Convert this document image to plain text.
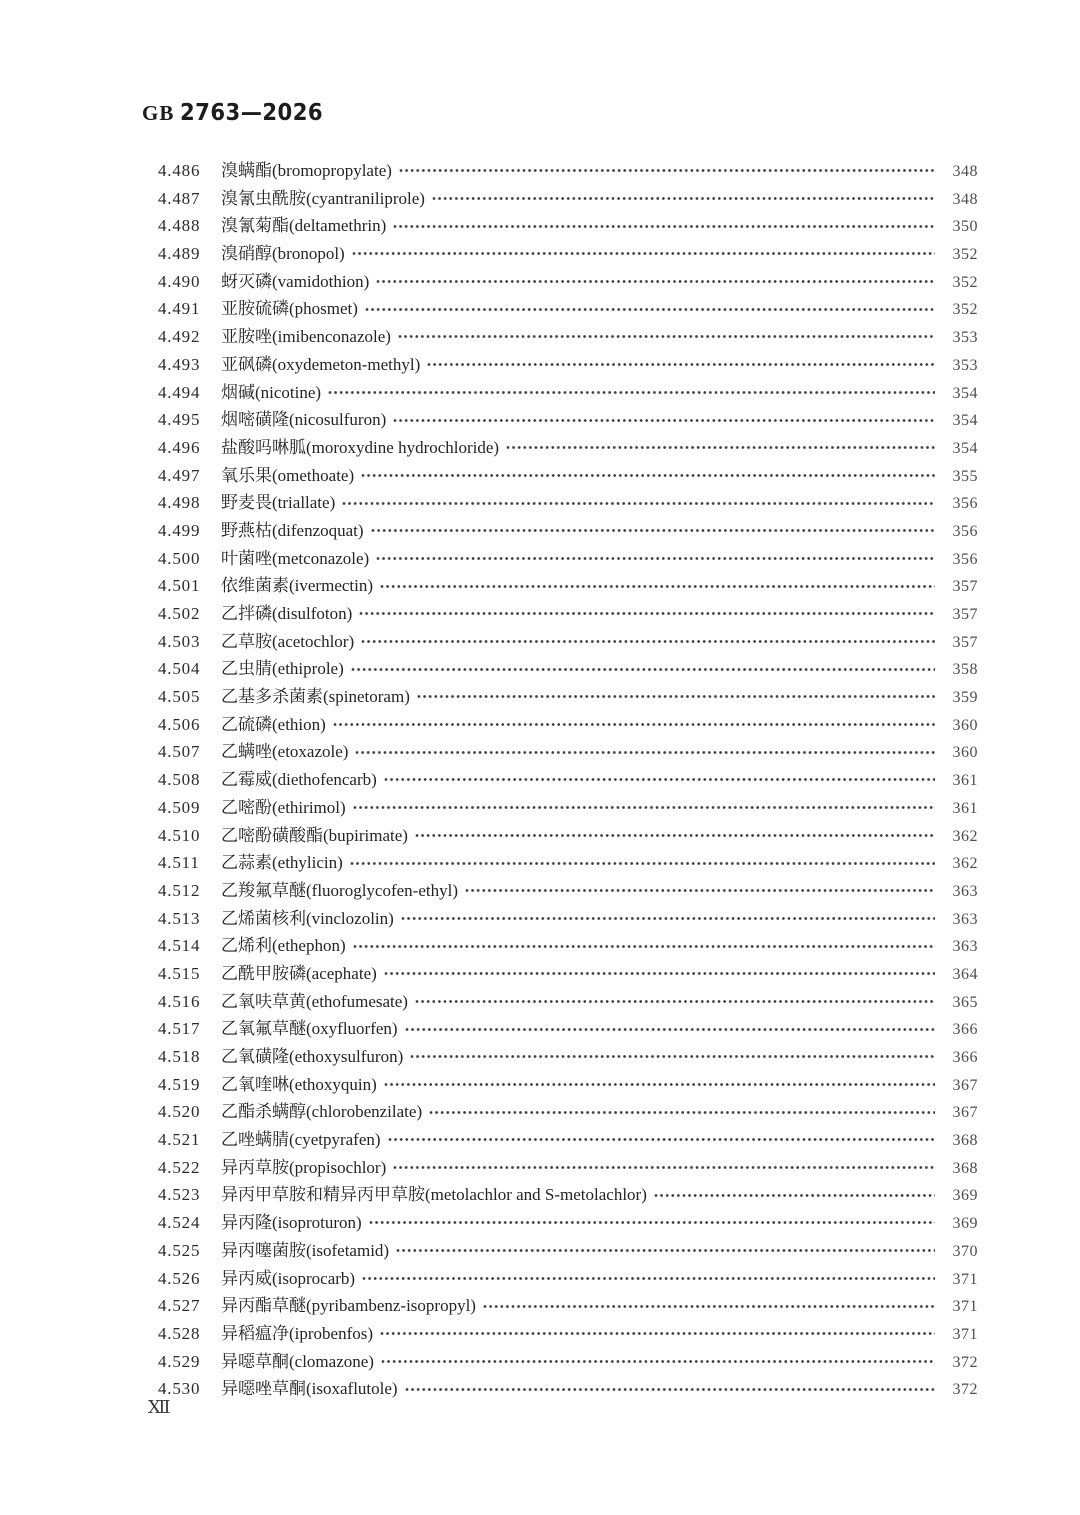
GB 2763—2026
4.486	溴螨酯(bromopropylate)	348
4.487	溴氰虫酰胺(cyantraniliprole)	348
4.488	溴氰菊酯(deltamethrin)	350
4.489	溴硝醇(bronopol)	352
4.490	蚜灭磷(vamidothion)	352
4.491	亚胺硫磷(phosmet)	352
4.492	亚胺唑(imibenconazole)	353
4.493	亚砜磷(oxydemeton-methyl)	353
4.494	烟碱(nicotine)	354
4.495	烟嘧磺隆(nicosulfuron)	354
4.496	盐酸吗啉胍(moroxydine hydrochloride)	354
4.497	氧乐果(omethoate)	355
4.498	野麦畏(triallate)	356
4.499	野燕枯(difenzoquat)	356
4.500	叶菌唑(metconazole)	356
4.501	依维菌素(ivermectin)	357
4.502	乙拌磷(disulfoton)	357
4.503	乙草胺(acetochlor)	357
4.504	乙虫腈(ethiprole)	358
4.505	乙基多杀菌素(spinetoram)	359
4.506	乙硫磷(ethion)	360
4.507	乙螨唑(etoxazole)	360
4.508	乙霉威(diethofencarb)	361
4.509	乙嘧酚(ethirimol)	361
4.510	乙嘧酚磺酸酯(bupirimate)	362
4.511	乙蒜素(ethylicin)	362
4.512	乙羧氟草醚(fluoroglycofen-ethyl)	363
4.513	乙烯菌核利(vinclozolin)	363
4.514	乙烯利(ethephon)	363
4.515	乙酰甲胺磷(acephate)	364
4.516	乙氧呋草黄(ethofumesate)	365
4.517	乙氧氟草醚(oxyfluorfen)	366
4.518	乙氧磺隆(ethoxysulfuron)	366
4.519	乙氧喹啉(ethoxyquin)	367
4.520	乙酯杀螨醇(chlorobenzilate)	367
4.521	乙唑螨腈(cyetpyrafen)	368
4.522	异丙草胺(propisochlor)	368
4.523	异丙甲草胺和精异丙甲草胺(metolachlor and S-metolachlor)	369
4.524	异丙隆(isoproturon)	369
4.525	异丙噻菌胺(isofetamid)	370
4.526	异丙威(isoprocarb)	371
4.527	异丙酯草醚(pyribambenz-isopropyl)	371
4.528	异稻瘟净(iprobenfos)	371
4.529	异噁草酮(clomazone)	372
4.530	异噁唑草酮(isoxaflutole)	372
Ⅻ
